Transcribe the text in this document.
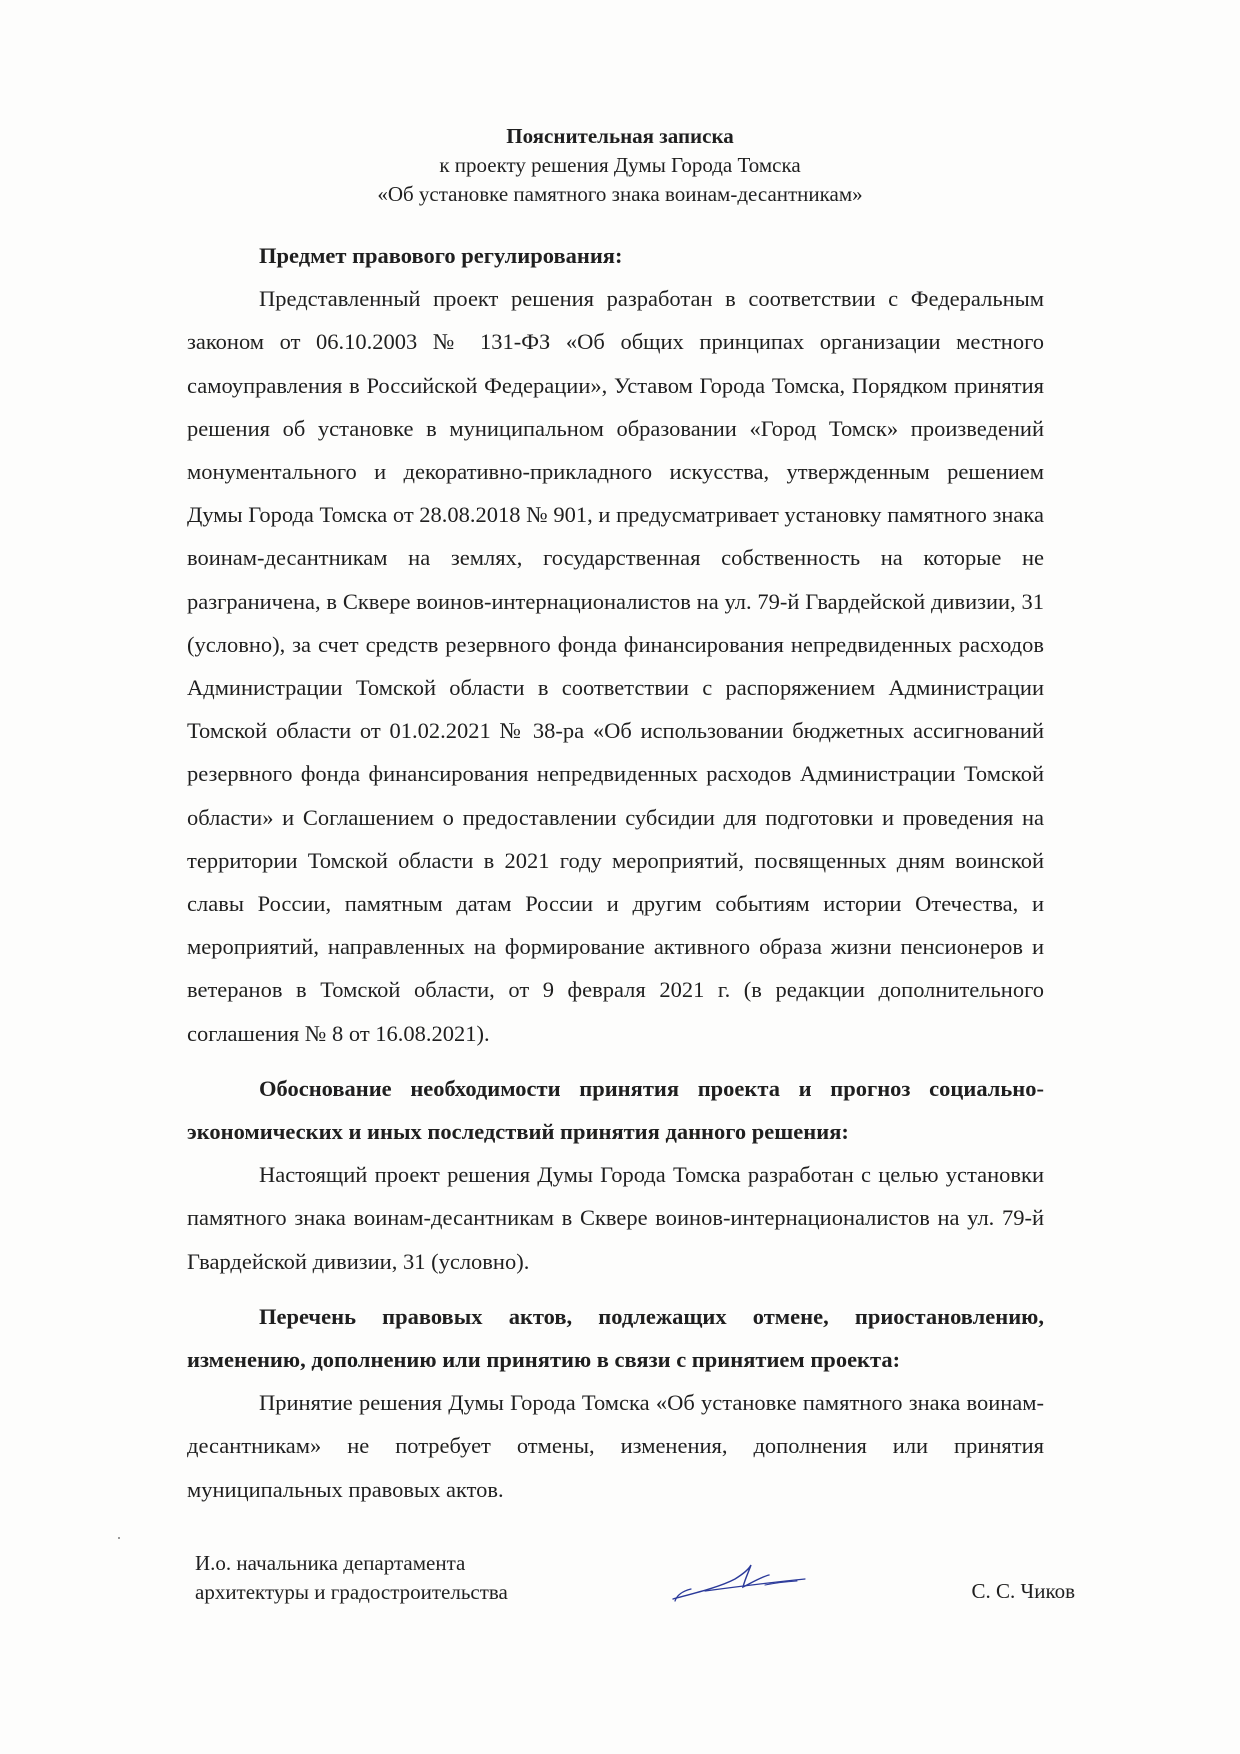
Пояснительная записка

к проекту решения Думы Города Томска

«Об установке памятного знака воинам-десантникам»

Предмет правового регулирования:

Представленный проект решения разработан в соответствии с Федеральным законом от 06.10.2003 № 131-ФЗ «Об общих принципах организации местного самоуправления в Российской Федерации», Уставом Города Томска, Порядком принятия решения об установке в муниципальном образовании «Город Томск» произведений монументального и декоративно-прикладного искусства, утвержденным решением Думы Города Томска от 28.08.2018 № 901, и предусматривает установку памятного знака воинам-десантникам на землях, государственная собственность на которые не разграничена, в Сквере воинов-интернационалистов на ул. 79-й Гвардейской дивизии, 31 (условно), за счет средств резервного фонда финансирования непредвиденных расходов Администрации Томской области в соответствии с распоряжением Администрации Томской области от 01.02.2021 № 38-ра «Об использовании бюджетных ассигнований резервного фонда финансирования непредвиденных расходов Администрации Томской области» и Соглашением о предоставлении субсидии для подготовки и проведения на территории Томской области в 2021 году мероприятий, посвященных дням воинской славы России, памятным датам России и другим событиям истории Отечества, и мероприятий, направленных на формирование активного образа жизни пенсионеров и ветеранов в Томской области, от 9 февраля 2021 г. (в редакции дополнительного соглашения № 8 от 16.08.2021).

Обоснование необходимости принятия проекта и прогноз социально-экономических и иных последствий принятия данного решения:

Настоящий проект решения Думы Города Томска разработан с целью установки памятного знака воинам-десантникам в Сквере воинов-интернационалистов на ул. 79-й Гвардейской дивизии, 31 (условно).

Перечень правовых актов, подлежащих отмене, приостановлению, изменению, дополнению или принятию в связи с принятием проекта:

Принятие решения Думы Города Томска «Об установке памятного знака воинам-десантникам» не потребует отмены, изменения, дополнения или принятия муниципальных правовых актов.

И.о. начальника департамента
архитектуры и градостроительства	С. С. Чиков
